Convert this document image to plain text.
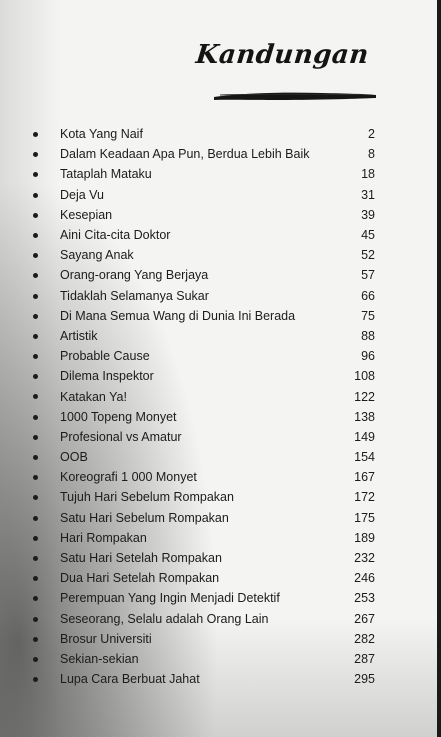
Kandungan
Kota Yang Naif	2
Dalam Keadaan Apa Pun, Berdua Lebih Baik	8
Tataplah Mataku	18
Deja Vu	31
Kesepian	39
Aini Cita-cita Doktor	45
Sayang Anak	52
Orang-orang Yang Berjaya	57
Tidaklah Selamanya Sukar	66
Di Mana Semua Wang di Dunia Ini Berada	75
Artistik	88
Probable Cause	96
Dilema Inspektor	108
Katakan Ya!	122
1000 Topeng Monyet	138
Profesional vs Amatur	149
OOB	154
Koreografi 1 000 Monyet	167
Tujuh Hari Sebelum Rompakan	172
Satu Hari Sebelum Rompakan	175
Hari Rompakan	189
Satu Hari Setelah Rompakan	232
Dua Hari Setelah Rompakan	246
Perempuan Yang Ingin Menjadi Detektif	253
Seseorang, Selalu adalah Orang Lain	267
Brosur Universiti	282
Sekian-sekian	287
Lupa Cara Berbuat Jahat	295
